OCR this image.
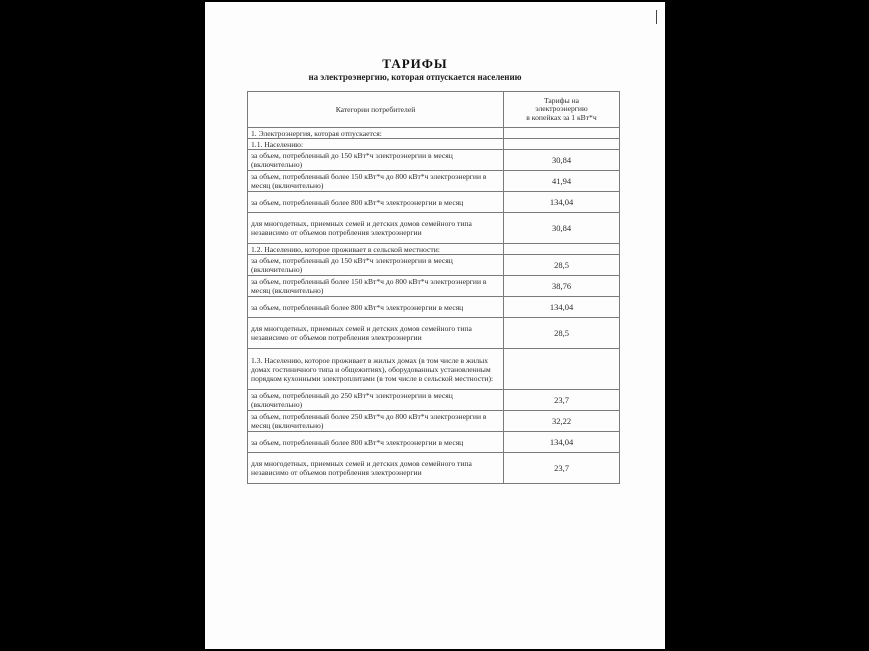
ТАРИФЫ
на электроэнергию, которая отпускается населению
Категории потребителей	Тарифы на
электроэнергию
в копейках за 1 кВт*ч
1. Электроэнергия, которая отпускается:	
1.1. Населению:	
за объем, потребленный до 150 кВт*ч электроэнергии в месяц (включительно)	30,84
за объем, потребленный более 150 кВт*ч до 800 кВт*ч электроэнергии в месяц (включительно)	41,94
за объем, потребленный более 800 кВт*ч электроэнергии в месяц	134,04
для многодетных, приемных семей и детских домов семейного типа независимо от объемов потребления электроэнергии	30,84
1.2. Населению, которое проживает в сельской местности:	
за объем, потребленный до 150 кВт*ч электроэнергии в месяц (включительно)	28,5
за объем, потребленный более 150 кВт*ч до 800 кВт*ч электроэнергии в месяц (включительно)	38,76
за объем, потребленный более 800 кВт*ч электроэнергии в месяц	134,04
для многодетных, приемных семей и детских домов семейного типа независимо от объемов потребления электроэнергии	28,5
1.3. Населению, которое проживает в жилых домах (в том числе в жилых домах гостиничного типа и общежитиях), оборудованных установленным порядком кухонными электроплитами (в том числе в сельской местности):	
за объем, потребленный до 250 кВт*ч электроэнергии в месяц (включительно)	23,7
за объем, потребленный более 250 кВт*ч до 800 кВт*ч электроэнергии в месяц (включительно)	32,22
за объем, потребленный более 800 кВт*ч электроэнергии в месяц	134,04
для многодетных, приемных семей и детских домов семейного типа независимо от объемов потребления электроэнергии	23,7
